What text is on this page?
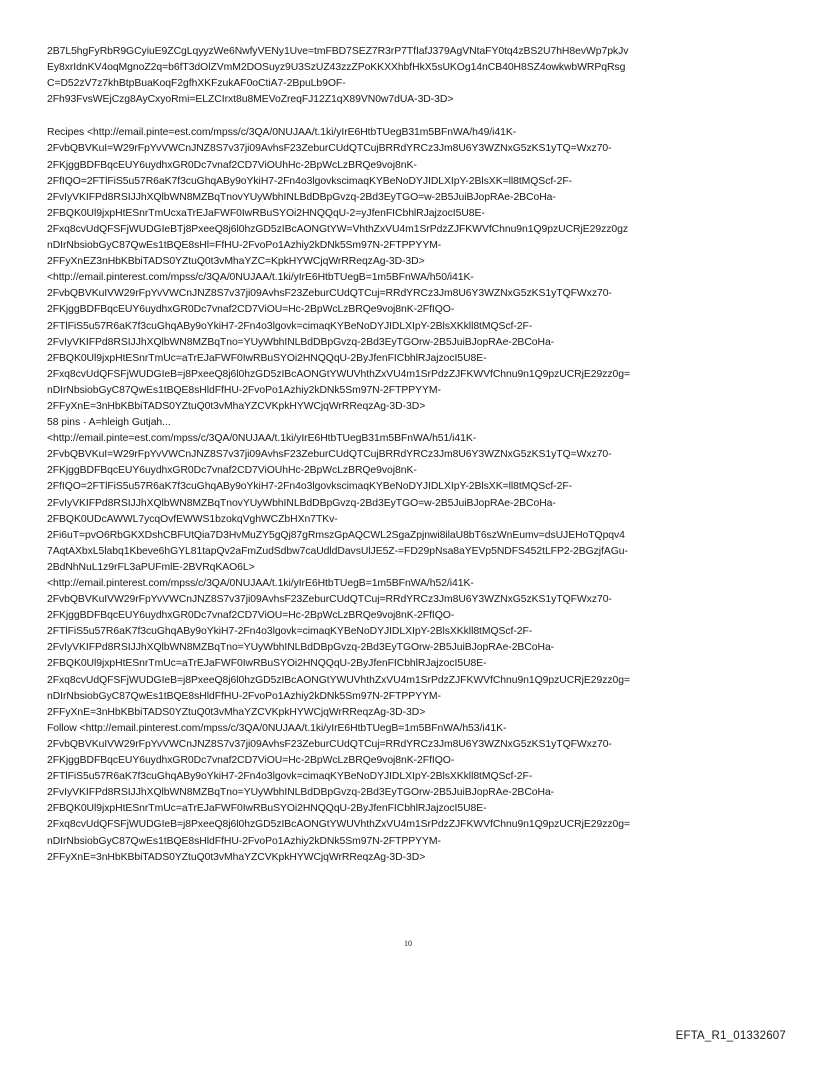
2B7L5hgFyRbR9GCyiuE9ZCgLqyyzWe6NwfyVENy1Uve=tmFBD7SEZ7R3rP7TfIafJ379AgVNtaFY0tq4zBS2U7hH8evWp7pkJv
Ey8xrIdnKV4oqMgnoZ2q=b6fT3dOlZVmM2DOSuyz9U3SzUZ43zzZPoKKXXhbfHkX5sUKOg14nCB40H8SZ4owkwbWRPqRsg
C=D52zV7z7khBtpBuaKoqF2gfhXKFzukAF0oCtiA7-2BpuLb9OF-
2Fh93FvsWEjCzg8AyCxyoRmi=ELZCIrxt8u8MEVoZreqFJ12Z1qX89VN0w7dUA-3D-3D>
Recipes <http://email.pinte=est.com/mpss/c/3QA/0NUJAA/t.1ki/yIrE6HtbTUegB31m5BFnWA/h49/i41K-
2FvbQBVKuI=W29rFpYvVWCnJNZ8S7v37ji09AvhsF23ZeburCUdQTCujBRRdYRCz3Jm8U6Y3WZNxG5zKS1yTQ=Wxz70-
2FKjggBDFBqcEUY6uydhxGR0Dc7vnaf2CD7ViOUhHc-2BpWcLzBRQe9voj8nK-
2FfIQO=2FTlFiS5u57R6aK7f3cuGhqABy9oYkiH7-2Fn4o3lgovkscimaqKYBeNoDYJIDLXIpY-2BlsXK=ll8tMQScf-2F-
2FvIyVKIFPd8RSIJJhXQlbWN8MZBqTnovYUyWbhINLBdDBpGvzq-2Bd3EyTGO=w-2B5JuiBJopRAe-2BCoHa-
2FBQK0Ul9jxpHtESnrTmUcxaTrEJaFWF0IwRBuSYOi2HNQQqU-2=yJfenFICbhlRJajzocI5U8E-
2Fxq8cvUdQFSFjWUDGIeBTj8PxeeQ8j6l0hzGD5zIBcAONGtYW=VhthZxVU4m1SrPdzZJFKWVfChnu9n1Q9pzUCRjE29zz0gz
nDIrNbsiobGyC87QwEs1tBQE8sHl=FfHU-2FvoPo1Azhiy2kDNk5Sm97N-2FTPPYYM-
2FFyXnEZ3nHbKBbiTADS0YZtuQ0t3vMhaYZC=KpkHYWCjqWrRReqzAg-3D-3D>
<http://email.pinterest.com/mpss/c/3QA/0NUJAA/t.1ki/yIrE6HtbTUegB=1m5BFnWA/h50/i41K-
2FvbQBVKuIVW29rFpYvVWCnJNZ8S7v37ji09AvhsF23ZeburCUdQTCuj=RRdYRCz3Jm8U6Y3WZNxG5zKS1yTQFWxz70-
2FKjggBDFBqcEUY6uydhxGR0Dc7vnaf2CD7ViOU=Hc-2BpWcLzBRQe9voj8nK-2FfIQO-
2FTlFiS5u57R6aK7f3cuGhqABy9oYkiH7-2Fn4o3lgovk=cimaqKYBeNoDYJIDLXIpY-2BlsXKkll8tMQScf-2F-
2FvIyVKIFPd8RSIJJhXQlbWN8MZBqTno=YUyWbhINLBdDBpGvzq-2Bd3EyTGOrw-2B5JuiBJopRAe-2BCoHa-
2FBQK0Ul9jxpHtESnrTmUc=aTrEJaFWF0IwRBuSYOi2HNQQqU-2ByJfenFICbhlRJajzocI5U8E-
2Fxq8cvUdQFSFjWUDGIeB=j8PxeeQ8j6l0hzGD5zIBcAONGtYWUVhthZxVU4m1SrPdzZJFKWVfChnu9n1Q9pzUCRjE29zz0g=
nDIrNbsiobGyC87QwEs1tBQE8sHldFfHU-2FvoPo1Azhiy2kDNk5Sm97N-2FTPPYYM-
2FFyXnE=3nHbKBbiTADS0YZtuQ0t3vMhaYZCVKpkHYWCjqWrRReqzAg-3D-3D>
58 pins · A=hleigh Gutjah...
<http://email.pinte=est.com/mpss/c/3QA/0NUJAA/t.1ki/yIrE6HtbTUegB31m5BFnWA/h51/i41K-
2FvbQBVKuI=W29rFpYvVWCnJNZ8S7v37ji09AvhsF23ZeburCUdQTCujBRRdYRCz3Jm8U6Y3WZNxG5zKS1yTQ=Wxz70-
2FKjggBDFBqcEUY6uydhxGR0Dc7vnaf2CD7ViOUhHc-2BpWcLzBRQe9voj8nK-
2FfIQO=2FTlFiS5u57R6aK7f3cuGhqABy9oYkiH7-2Fn4o3lgovkscimaqKYBeNoDYJIDLXIpY-2BlsXK=ll8tMQScf-2F-
2FvIyVKIFPd8RSIJJhXQlbWN8MZBqTnovYUyWbhINLBdDBpGvzq-2Bd3EyTGO=w-2B5JuiBJopRAe-2BCoHa-
2FBQK0UDcAWWL7ycqOvfEWWS1bzokqVghWCZbHXn7TKv-
2Fi6uT=pvO6RbGKXDshCBFUtQia7D3HvMuZY5gQj87gRmszGpAQCWL2SgaZpjnwi8ilaU8bT6szWnEumv=dsUJEHoTQpqv4
7AqtAXbxL5labq1Kbeve6hGYL81tapQv2aFmZudSdbw7caUdldDavsUlJE5Z-=FD29pNsa8aYEVp5NDFS452tLFP2-2BGzjfAGu-
2BdNhNuL1z9rFL3aPUFmlE-2BVRqKAO6L>
<http://email.pinterest.com/mpss/c/3QA/0NUJAA/t.1ki/yIrE6HtbTUegB=1m5BFnWA/h52/i41K-
2FvbQBVKuIVW29rFpYvVWCnJNZ8S7v37ji09AvhsF23ZeburCUdQTCuj=RRdYRCz3Jm8U6Y3WZNxG5zKS1yTQFWxz70-
2FKjggBDFBqcEUY6uydhxGR0Dc7vnaf2CD7ViOU=Hc-2BpWcLzBRQe9voj8nK-2FfIQO-
2FTlFiS5u57R6aK7f3cuGhqABy9oYkiH7-2Fn4o3lgovk=cimaqKYBeNoDYJIDLXIpY-2BlsXKkll8tMQScf-2F-
2FvIyVKIFPd8RSIJJhXQlbWN8MZBqTno=YUyWbhINLBdDBpGvzq-2Bd3EyTGOrw-2B5JuiBJopRAe-2BCoHa-
2FBQK0Ul9jxpHtESnrTmUc=aTrEJaFWF0IwRBuSYOi2HNQQqU-2ByJfenFICbhlRJajzocI5U8E-
2Fxq8cvUdQFSFjWUDGIeB=j8PxeeQ8j6l0hzGD5zIBcAONGtYWUVhthZxVU4m1SrPdzZJFKWVfChnu9n1Q9pzUCRjE29zz0g=
nDIrNbsiobGyC87QwEs1tBQE8sHldFfHU-2FvoPo1Azhiy2kDNk5Sm97N-2FTPPYYM-
2FFyXnE=3nHbKBbiTADS0YZtuQ0t3vMhaYZCVKpkHYWCjqWrRReqzAg-3D-3D>
Follow <http://email.pinterest.com/mpss/c/3QA/0NUJAA/t.1ki/yIrE6HtbTUegB=1m5BFnWA/h53/i41K-
2FvbQBVKuIVW29rFpYvVWCnJNZ8S7v37ji09AvhsF23ZeburCUdQTCuj=RRdYRCz3Jm8U6Y3WZNxG5zKS1yTQFWxz70-
2FKjggBDFBqcEUY6uydhxGR0Dc7vnaf2CD7ViOU=Hc-2BpWcLzBRQe9voj8nK-2FfIQO-
2FTlFiS5u57R6aK7f3cuGhqABy9oYkiH7-2Fn4o3lgovk=cimaqKYBeNoDYJIDLXIpY-2BlsXKkll8tMQScf-2F-
2FvIyVKIFPd8RSIJJhXQlbWN8MZBqTno=YUyWbhINLBdDBpGvzq-2Bd3EyTGOrw-2B5JuiBJopRAe-2BCoHa-
2FBQK0Ul9jxpHtESnrTmUc=aTrEJaFWF0IwRBuSYOi2HNQQqU-2ByJfenFICbhlRJajzocI5U8E-
2Fxq8cvUdQFSFjWUDGIeB=j8PxeeQ8j6l0hzGD5zIBcAONGtYWUVhthZxVU4m1SrPdzZJFKWVfChnu9n1Q9pzUCRjE29zz0g=
nDIrNbsiobGyC87QwEs1tBQE8sHldFfHU-2FvoPo1Azhiy2kDNk5Sm97N-2FTPPYYM-
2FFyXnE=3nHbKBbiTADS0YZtuQ0t3vMhaYZCVKpkHYWCjqWrRReqzAg-3D-3D>
10
EFTA_R1_01332607
